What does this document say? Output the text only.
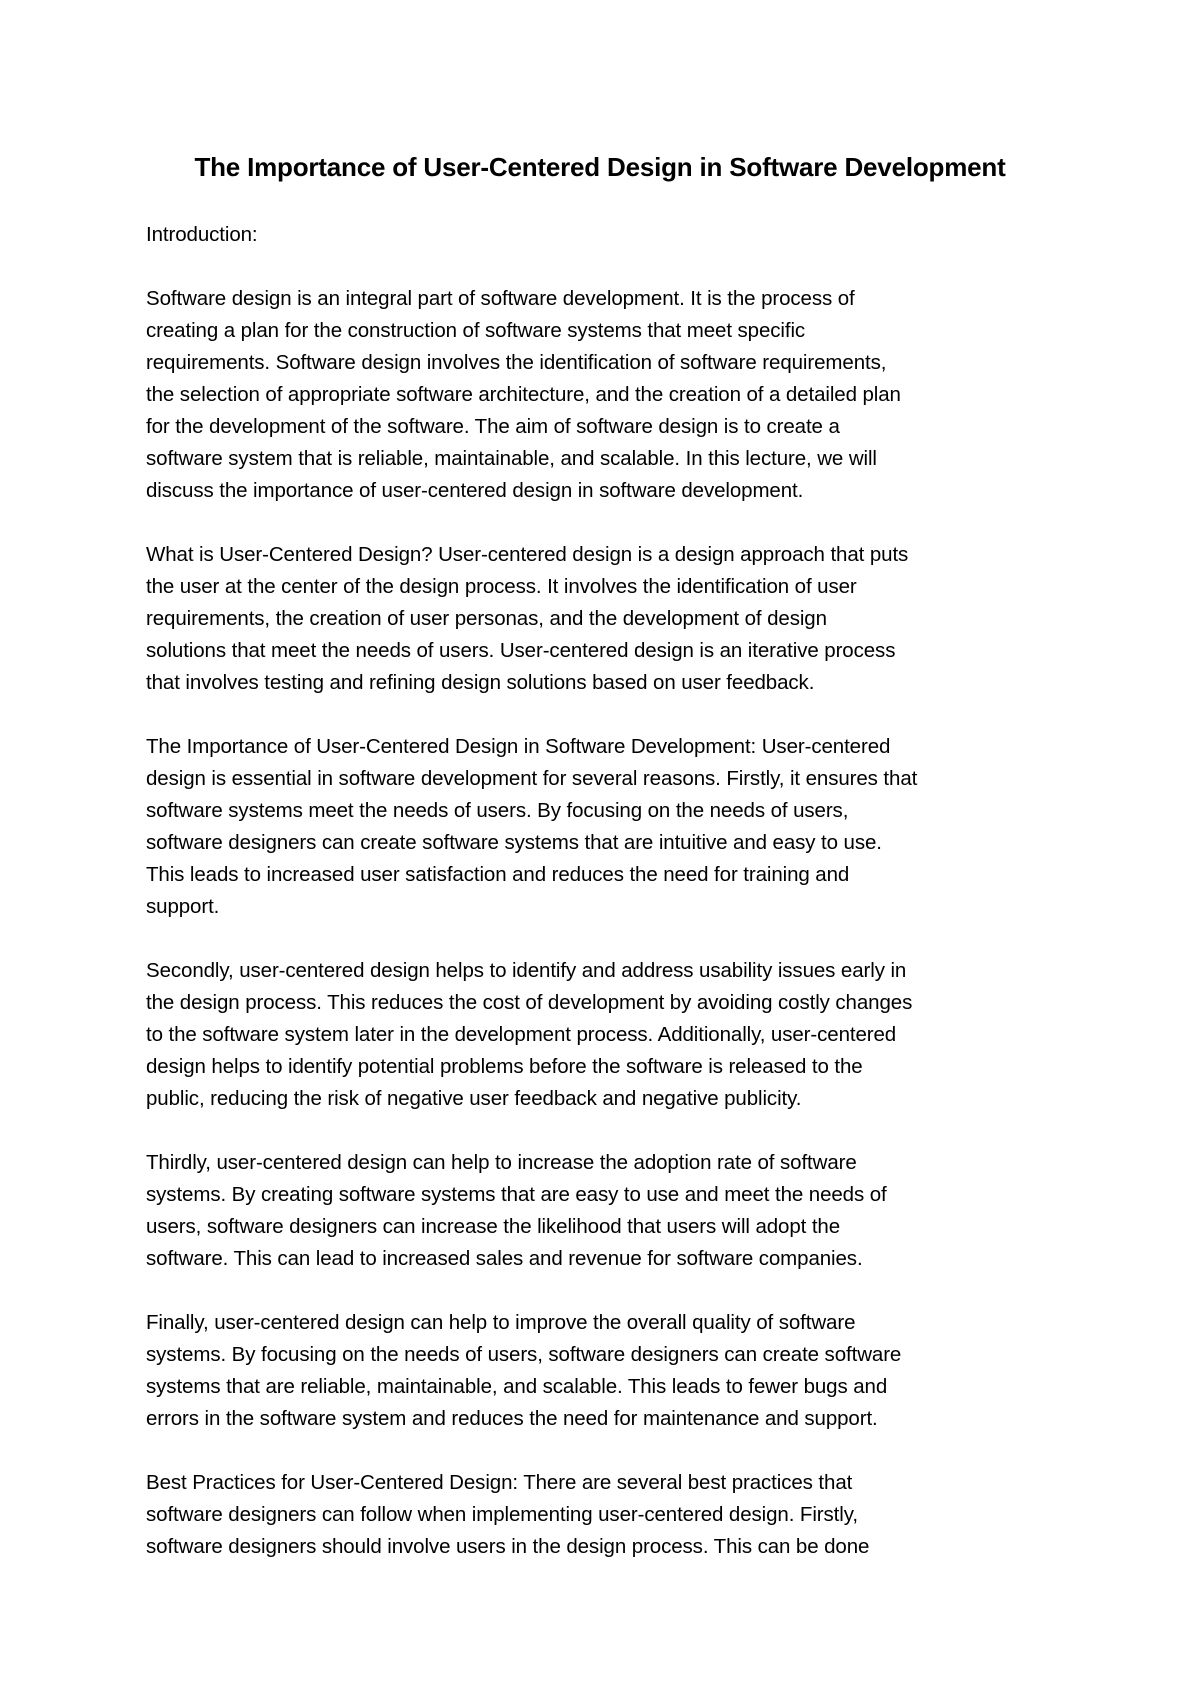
The Importance of User-Centered Design in Software Development

Introduction:

Software design is an integral part of software development. It is the process of
creating a plan for the construction of software systems that meet specific
requirements. Software design involves the identification of software requirements,
the selection of appropriate software architecture, and the creation of a detailed plan
for the development of the software. The aim of software design is to create a
software system that is reliable, maintainable, and scalable. In this lecture, we will
discuss the importance of user-centered design in software development.

What is User-Centered Design? User-centered design is a design approach that puts
the user at the center of the design process. It involves the identification of user
requirements, the creation of user personas, and the development of design
solutions that meet the needs of users. User-centered design is an iterative process
that involves testing and refining design solutions based on user feedback.

The Importance of User-Centered Design in Software Development: User-centered
design is essential in software development for several reasons. Firstly, it ensures that
software systems meet the needs of users. By focusing on the needs of users,
software designers can create software systems that are intuitive and easy to use.
This leads to increased user satisfaction and reduces the need for training and
support.

Secondly, user-centered design helps to identify and address usability issues early in
the design process. This reduces the cost of development by avoiding costly changes
to the software system later in the development process. Additionally, user-centered
design helps to identify potential problems before the software is released to the
public, reducing the risk of negative user feedback and negative publicity.

Thirdly, user-centered design can help to increase the adoption rate of software
systems. By creating software systems that are easy to use and meet the needs of
users, software designers can increase the likelihood that users will adopt the
software. This can lead to increased sales and revenue for software companies.

Finally, user-centered design can help to improve the overall quality of software
systems. By focusing on the needs of users, software designers can create software
systems that are reliable, maintainable, and scalable. This leads to fewer bugs and
errors in the software system and reduces the need for maintenance and support.

Best Practices for User-Centered Design: There are several best practices that
software designers can follow when implementing user-centered design. Firstly,
software designers should involve users in the design process. This can be done
